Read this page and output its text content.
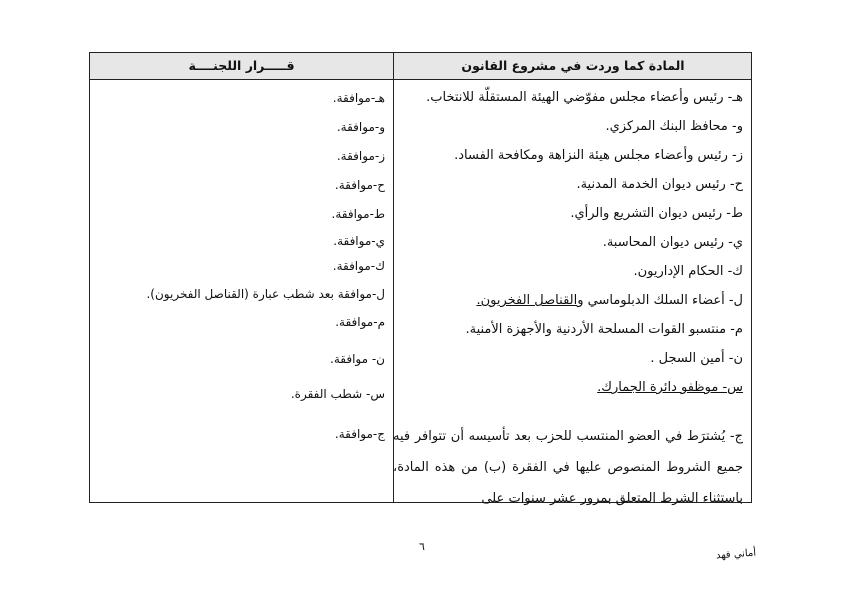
المادة كما وردت في مشروع القانون
قـــــرار اللجنــــة
هـ- رئيس وأعضاء مجلس مفوّضي الهيئة المستقلّة للانتخاب.
و- محافظ البنك المركزي.
ز- رئيس وأعضاء مجلس هيئة النزاهة ومكافحة الفساد.
ح- رئيس ديوان الخدمة المدنية.
ط- رئيس ديوان التشريع والرأي.
ي- رئيس ديوان المحاسبة.
ك- الحكام الإداريون.
ل- أعضاء السلك الدبلوماسي والقناصل الفخريون.
م- منتسبو القوات المسلحة الأردنية والأجهزة الأمنية.
ن- أمين السجل .
س- موظفو دائرة الجمارك.
ج- يُشترَط في العضو المنتسب للحزب بعد تأسيسه أن تتوافر فيه جميع الشروط المنصوص عليها في الفقرة (ب) من هذه المادة، باستثناء الشرط المتعلق بمرور عشر سنوات على
هـ-موافقة.
و-موافقة.
ز-موافقة.
ح-موافقة.
ط-موافقة.
ي-موافقة.
ك-موافقة.
ل-موافقة بعد شطب عبارة (القناصل الفخريون).
م-موافقة.
ن- موافقة.
س- شطب الفقرة.
ج-موافقة.
٦
أماني فهد
